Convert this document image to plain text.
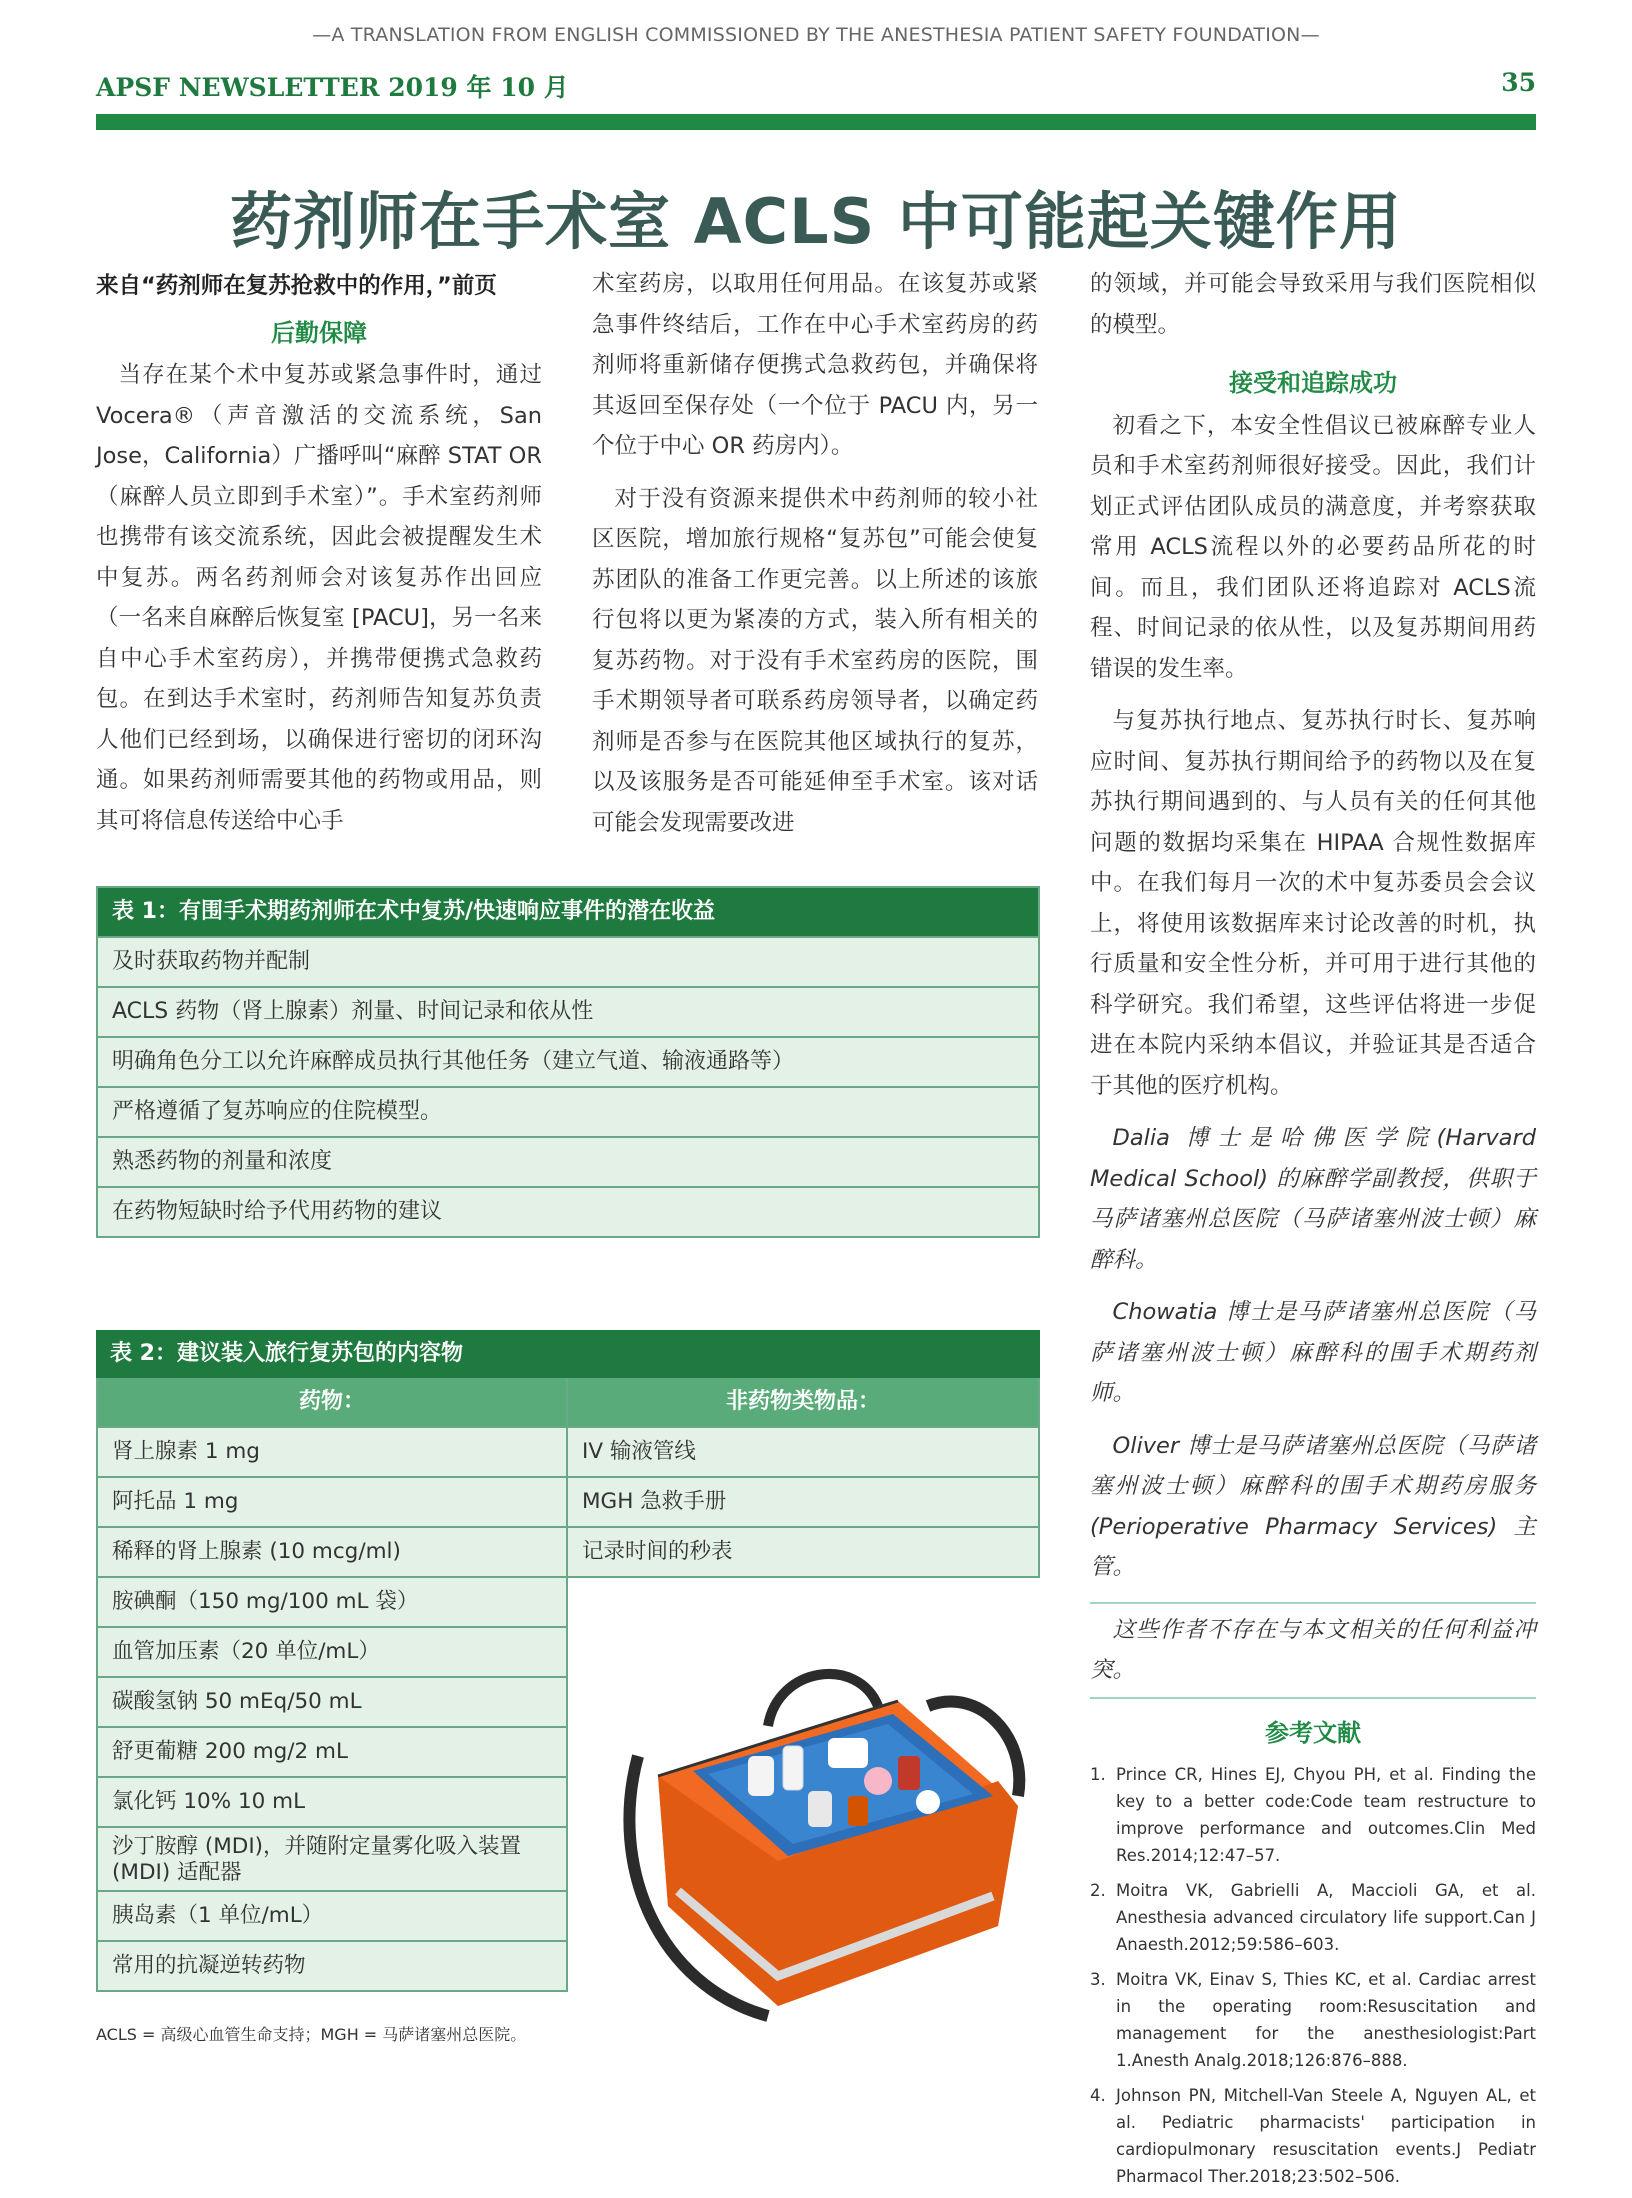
—A TRANSLATION FROM ENGLISH COMMISSIONED BY THE ANESTHESIA PATIENT SAFETY FOUNDATION—
APSF NEWSLETTER 2019 年 10 月	35
药剂师在手术室 ACLS 中可能起关键作用

来自“药剂师在复苏抢救中的作用，”前页

后勤保障

当存在某个术中复苏或紧急事件时，通过 Vocera®（声音激活的交流系统，San Jose，California）广播呼叫“麻醉 STAT OR（麻醉人员立即到手术室）”。手术室药剂师也携带有该交流系统，因此会被提醒发生术中复苏。两名药剂师会对该复苏作出回应（一名来自麻醉后恢复室 [PACU]，另一名来自中心手术室药房），并携带便携式急救药包。在到达手术室时，药剂师告知复苏负责人他们已经到场，以确保进行密切的闭环沟通。如果药剂师需要其他的药物或用品，则其可将信息传送给中心手

术室药房，以取用任何用品。在该复苏或紧急事件终结后，工作在中心手术室药房的药剂师将重新储存便携式急救药包，并确保将其返回至保存处（一个位于 PACU 内，另一个位于中心 OR 药房内）。

对于没有资源来提供术中药剂师的较小社区医院，增加旅行规格“复苏包”可能会使复苏团队的准备工作更完善。以上所述的该旅行包将以更为紧凑的方式，装入所有相关的复苏药物。对于没有手术室药房的医院，围手术期领导者可联系药房领导者，以确定药剂师是否参与在医院其他区域执行的复苏，以及该服务是否可能延伸至手术室。该对话可能会发现需要改进

的领域，并可能会导致采用与我们医院相似的模型。

接受和追踪成功

初看之下，本安全性倡议已被麻醉专业人员和手术室药剂师很好接受。因此，我们计划正式评估团队成员的满意度，并考察获取常用 ACLS流程以外的必要药品所花的时间。而且，我们团队还将追踪对 ACLS流程、时间记录的依从性，以及复苏期间用药错误的发生率。

与复苏执行地点、复苏执行时长、复苏响应时间、复苏执行期间给予的药物以及在复苏执行期间遇到的、与人员有关的任何其他问题的数据均采集在 HIPAA 合规性数据库中。在我们每月一次的术中复苏委员会会议上，将使用该数据库来讨论改善的时机，执行质量和安全性分析，并可用于进行其他的科学研究。我们希望，这些评估将进一步促进在本院内采纳本倡议，并验证其是否适合于其他的医疗机构。

Dalia 博士是哈佛医学院(Harvard Medical School) 的麻醉学副教授，供职于马萨诸塞州总医院（马萨诸塞州波士顿）麻醉科。

Chowatia 博士是马萨诸塞州总医院（马萨诸塞州波士顿）麻醉科的围手术期药剂师。

Oliver 博士是马萨诸塞州总医院（马萨诸塞州波士顿）麻醉科的围手术期药房服务 (Perioperative Pharmacy Services) 主管。

这些作者不存在与本文相关的任何利益冲突。

参考文献
1. Prince CR, Hines EJ, Chyou PH, et al. Finding the key to a better code:Code team restructure to improve performance and outcomes.Clin Med Res.2014;12:47–57.
2. Moitra VK, Gabrielli A, Maccioli GA, et al. Anesthesia advanced circulatory life support.Can J Anaesth.2012;59:586–603.
3. Moitra VK, Einav S, Thies KC, et al. Cardiac arrest in the operating room:Resuscitation and management for the anesthesiologist:Part 1.Anesth Analg.2018;126:876–888.
4. Johnson PN, Mitchell-Van Steele A, Nguyen AL, et al. Pediatric pharmacists' participation in cardiopulmonary resuscitation events.J Pediatr Pharmacol Ther.2018;23:502–506.
表 1：有围手术期药剂师在术中复苏/快速响应事件的潜在收益
及时获取药物并配制
ACLS 药物（肾上腺素）剂量、时间记录和依从性
明确角色分工以允许麻醉成员执行其他任务（建立气道、输液通路等）
严格遵循了复苏响应的住院模型。
熟悉药物的剂量和浓度
在药物短缺时给予代用药物的建议
表 2：建议装入旅行复苏包的内容物
药物：
肾上腺素 1 mg
阿托品 1 mg
稀释的肾上腺素 (10 mcg/ml)
胺碘酮（150 mg/100 mL 袋）
血管加压素（20 单位/mL）
碳酸氢钠 50 mEq/50 mL
舒更葡糖 200 mg/2 mL
氯化钙 10% 10 mL
沙丁胺醇 (MDI)，并随附定量雾化吸入装置 (MDI) 适配器
胰岛素（1 单位/mL）
常用的抗凝逆转药物
非药物类物品：
IV 输液管线
MGH 急救手册
记录时间的秒表
ACLS = 高级心血管生命支持；MGH = 马萨诸塞州总医院。
